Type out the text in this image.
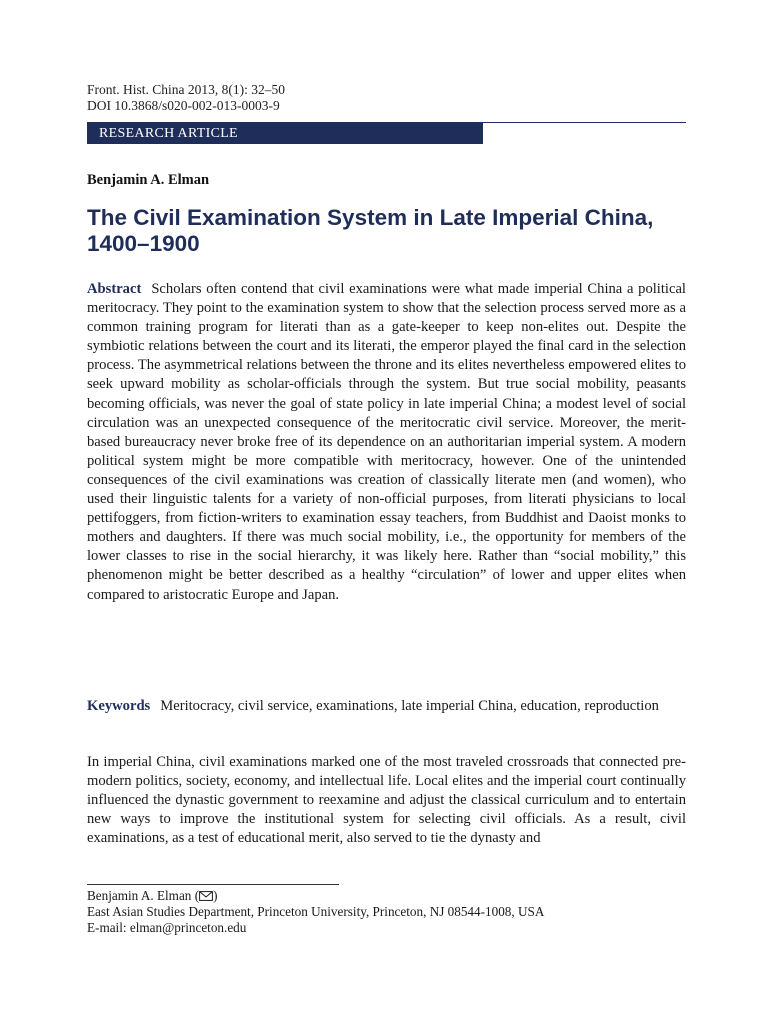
Front. Hist. China 2013, 8(1): 32–50
DOI 10.3868/s020-002-013-0003-9
RESEARCH ARTICLE
Benjamin A. Elman
The Civil Examination System in Late Imperial China, 1400–1900
Abstract Scholars often contend that civil examinations were what made imperial China a political meritocracy. They point to the examination system to show that the selection process served more as a common training program for literati than as a gate-keeper to keep non-elites out. Despite the symbiotic relations between the court and its literati, the emperor played the final card in the selection process. The asymmetrical relations between the throne and its elites nevertheless empowered elites to seek upward mobility as scholar-officials through the system. But true social mobility, peasants becoming officials, was never the goal of state policy in late imperial China; a modest level of social circulation was an unexpected consequence of the meritocratic civil service. Moreover, the merit-based bureaucracy never broke free of its dependence on an authoritarian imperial system. A modern political system might be more compatible with meritocracy, however. One of the unintended consequences of the civil examinations was creation of classically literate men (and women), who used their linguistic talents for a variety of non-official purposes, from literati physicians to local pettifoggers, from fiction-writers to examination essay teachers, from Buddhist and Daoist monks to mothers and daughters. If there was much social mobility, i.e., the opportunity for members of the lower classes to rise in the social hierarchy, it was likely here. Rather than “social mobility,” this phenomenon might be better described as a healthy “circulation” of lower and upper elites when compared to aristocratic Europe and Japan.
Keywords Meritocracy, civil service, examinations, late imperial China, education, reproduction
In imperial China, civil examinations marked one of the most traveled crossroads that connected pre-modern politics, society, economy, and intellectual life. Local elites and the imperial court continually influenced the dynastic government to reexamine and adjust the classical curriculum and to entertain new ways to improve the institutional system for selecting civil officials. As a result, civil examinations, as a test of educational merit, also served to tie the dynasty and
Benjamin A. Elman ( )
East Asian Studies Department, Princeton University, Princeton, NJ 08544-1008, USA
E-mail: elman@princeton.edu
